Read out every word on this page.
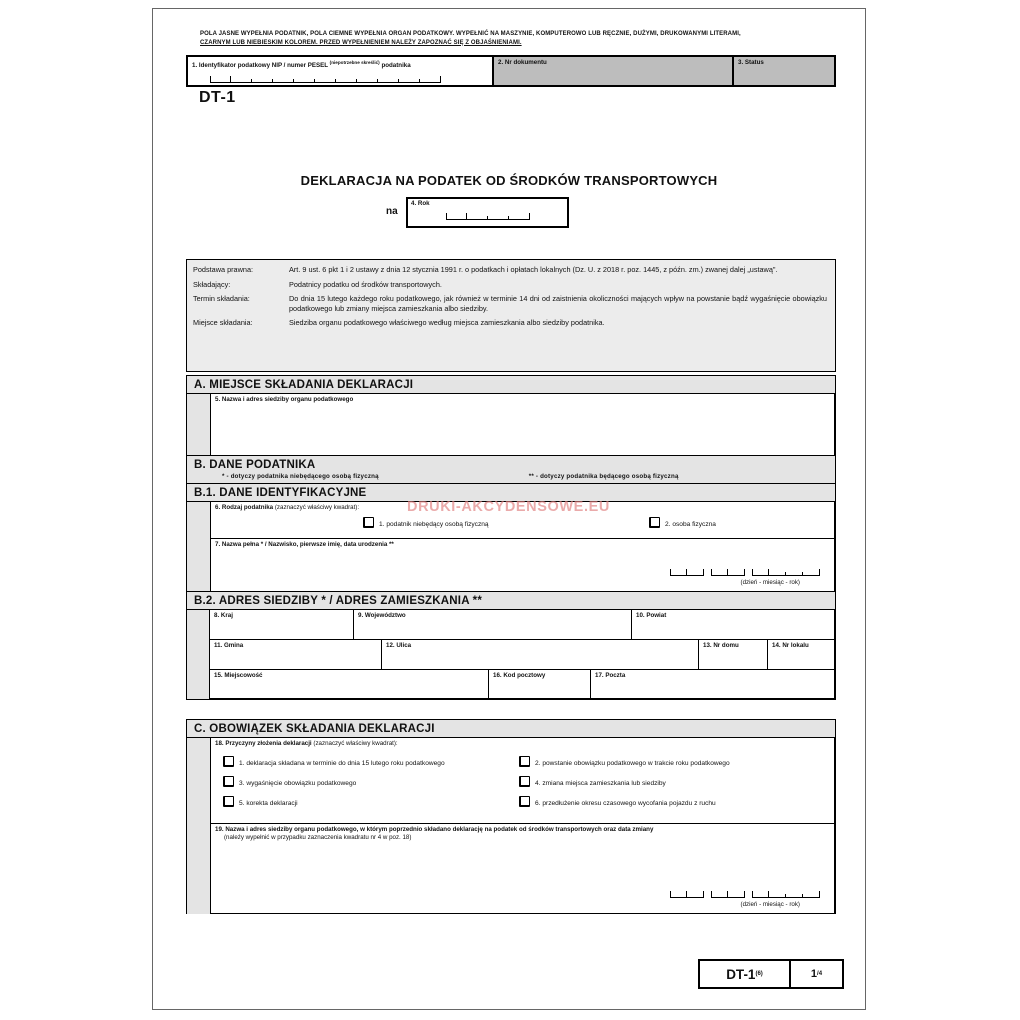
POLA JASNE WYPEŁNIA PODATNIK, POLA CIEMNE WYPEŁNIA ORGAN PODATKOWY. WYPEŁNIĆ NA MASZYNIE, KOMPUTEROWO LUB RĘCZNIE, DUŻYMI, DRUKOWANYMI LITERAMI,
CZARNYM LUB NIEBIESKIM KOLOREM. PRZED WYPEŁNIENIEM NALEŻY ZAPOZNAĆ SIĘ Z OBJAŚNIENIAMI.
1. Identyfikator podatkowy NIP / numer PESEL $^{(niepotrzebne skreślić)}$ podatnika	2. Nr dokumentu	3. Status
DT-1
DEKLARACJA NA PODATEK OD ŚRODKÓW TRANSPORTOWYCH
na
4. Rok
Podstawa prawna:	Art. 9 ust. 6 pkt 1 i 2 ustawy z dnia 12 stycznia 1991 r. o podatkach i opłatach lokalnych (Dz. U. z 2018 r. poz. 1445, z późn. zm.) zwanej dalej „ustawą".
Składający:	Podatnicy podatku od środków transportowych.
Termin składania:	Do dnia 15 lutego każdego roku podatkowego, jak również w terminie 14 dni od zaistnienia okoliczności mających wpływ na powstanie bądź wygaśnięcie obowiązku podatkowego lub zmiany miejsca zamieszkania albo siedziby.
Miejsce składania:	Siedziba organu podatkowego właściwego według miejsca zamieszkania albo siedziby podatnika.
A. MIEJSCE SKŁADANIA DEKLARACJI
5. Nazwa i adres siedziby organu podatkowego
B. DANE PODATNIKA
* - dotyczy podatnika niebędącego osobą fizyczną	** - dotyczy podatnika będącego osobą fizyczną
B.1. DANE IDENTYFIKACYJNE
6. Rodzaj podatnika (zaznaczyć właściwy kwadrat):
1. podatnik niebędący osobą fizyczną	2. osoba fizyczna
7. Nazwa pełna * / Nazwisko, pierwsze imię, data urodzenia **
(dzień - miesiąc - rok)
B.2. ADRES SIEDZIBY * / ADRES ZAMIESZKANIA **
8. Kraj	9. Województwo	10. Powiat
11. Gmina	12. Ulica	13. Nr domu	14. Nr lokalu
15. Miejscowość	16. Kod pocztowy	17. Poczta
C. OBOWIĄZEK SKŁADANIA DEKLARACJI
18. Przyczyny złożenia deklaracji (zaznaczyć właściwy kwadrat):
1. deklaracja składana w terminie do dnia 15 lutego roku podatkowego	2. powstanie obowiązku podatkowego w trakcie roku podatkowego
3. wygaśnięcie obowiązku podatkowego	4. zmiana miejsca zamieszkania lub siedziby
5. korekta deklaracji	6. przedłużenie okresu czasowego wycofania pojazdu z ruchu
19. Nazwa i adres siedziby organu podatkowego, w którym poprzednio składano deklarację na podatek od środków transportowych oraz data zmiany
(należy wypełnić w przypadku zaznaczenia kwadratu nr 4 w poz. 18)
(dzień - miesiąc - rok)
DT-1 (6)	1 /4
DRUKI-AKCYDENSOWE.EU
